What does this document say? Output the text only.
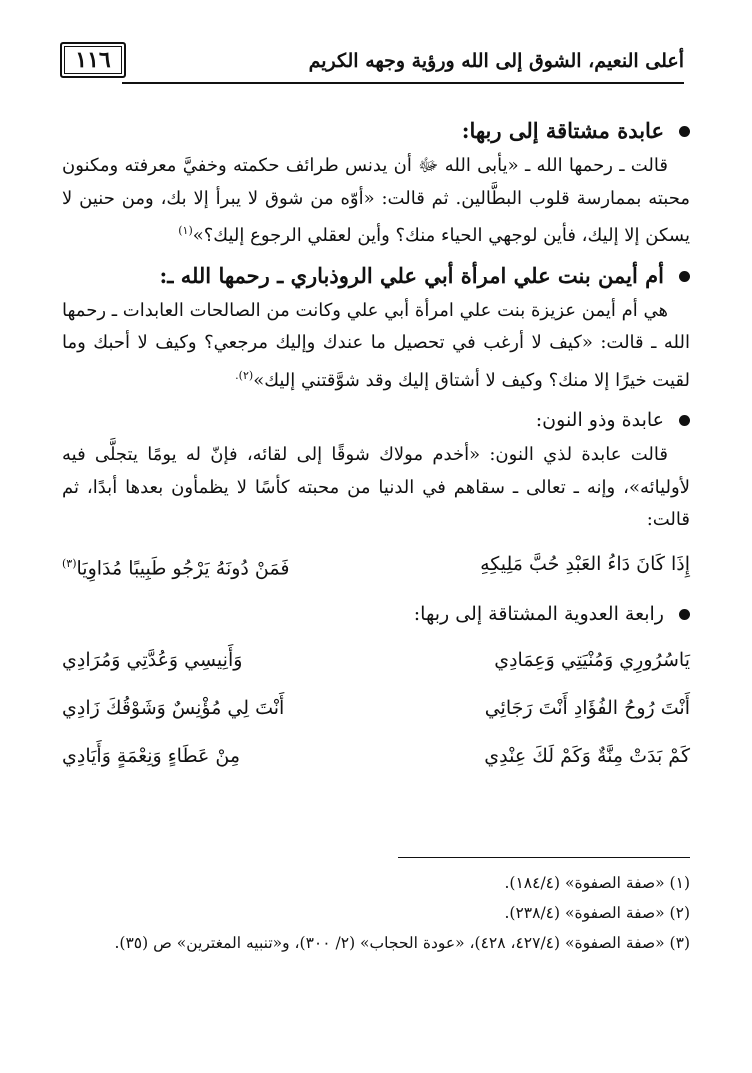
١١٦	أعلى النعيم، الشوق إلى الله ورؤية وجهه الكريم
عابدة مشتاقة إلى ربها:

قالت ـ رحمها الله ـ «يأبى الله ﷻ أن يدنس طرائف حكمته وخفيَّ معرفته ومكنون محبته بممارسة قلوب البطَّالين. ثم قالت: «أوّه من شوق لا يبرأ إلا بك، ومن حنين لا يسكن إلا إليك، فأين لوجهي الحياء منك؟ وأين لعقلي الرجوع إليك؟»$^{(١)}$

أم أيمن بنت علي امرأة أبي علي الروذباري ـ رحمها الله ـ:

هي أم أيمن عزيزة بنت علي امرأة أبي علي وكانت من الصالحات العابدات ـ رحمها الله ـ قالت: «كيف لا أرغب في تحصيل ما عندك وإليك مرجعي؟ وكيف لا أحبك وما لقيت خيرًا إلا منك؟ وكيف لا أشتاق إليك وقد شوَّقتني إليك»$^{(٢).}$

عابدة وذو النون:

قالت عابدة لذي النون: «أخدم مولاك شوقًا إلى لقائه، فإنّ له يومًا يتجلَّى فيه لأوليائه»، وإنه ـ تعالى ـ سقاهم في الدنيا من محبته كأسًا لا يظمأون بعدها أبدًا، ثم قالت:

إِذَا كَانَ دَاءُ العَبْدِ حُبَّ مَلِيكِهِ
فَمَنْ دُونَهُ يَرْجُو طَبِيبًا مُدَاوِيَا$^{(٣)}$
رابعة العدوية المشتاقة إلى ربها:
يَاسُرُورِي وَمُنْيَتِي وَعِمَادِي
وَأَنِيسِي وَعُدَّتِي وَمُرَادِي
أَنْتَ رُوحُ الفُؤَادِ أَنْتَ رَجَائِي
أَنْتَ لِي مُؤْنِسٌ وَشَوْقُكَ زَادِي
كَمْ بَدَتْ مِنَّةٌ وَكَمْ لَكَ عِنْدِي
مِنْ عَطَاءٍ وَنِعْمَةٍ وَأَيَادِي

(١) «صفة الصفوة» (١٨٤/٤).

(٢) «صفة الصفوة» (٢٣٨/٤).

(٣) «صفة الصفوة» (٤٢٧/٤، ٤٢٨)، «عودة الحجاب» (٢/ ٣٠٠)، و«تنبيه المغترين» ص (٣٥).
